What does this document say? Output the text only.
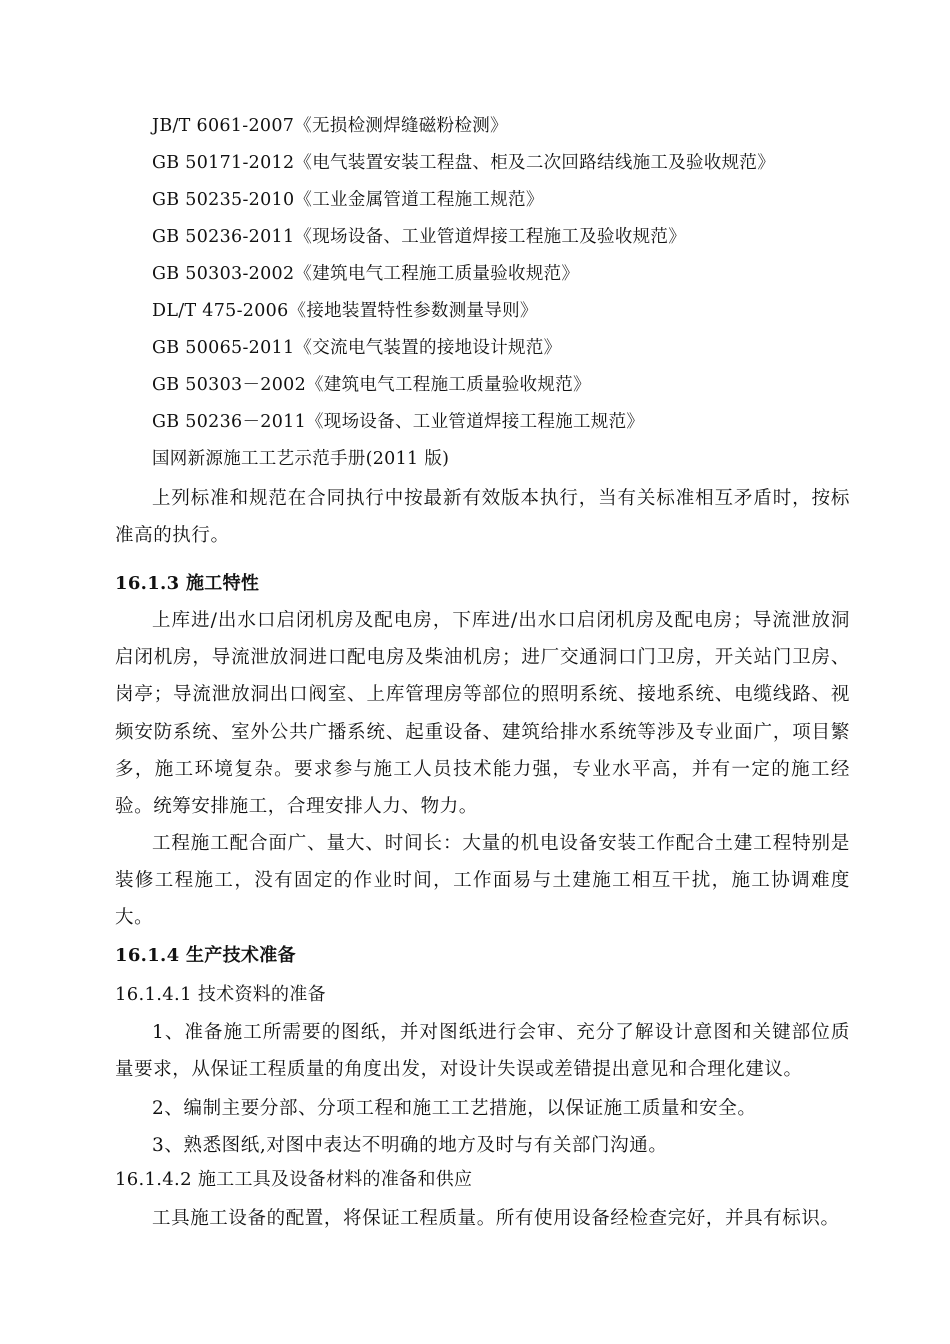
JB/T 6061-2007《无损检测焊缝磁粉检测》
GB 50171-2012《电气装置安装工程盘、柜及二次回路结线施工及验收规范》
GB 50235-2010《工业金属管道工程施工规范》
GB 50236-2011《现场设备、工业管道焊接工程施工及验收规范》
GB 50303-2002《建筑电气工程施工质量验收规范》
DL/T 475-2006《接地装置特性参数测量导则》
GB 50065-2011《交流电气装置的接地设计规范》
GB 50303－2002《建筑电气工程施工质量验收规范》
GB 50236－2011《现场设备、工业管道焊接工程施工规范》
国网新源施工工艺示范手册(2011 版)
上列标准和规范在合同执行中按最新有效版本执行，当有关标准相互矛盾时，按标准高的执行。
16.1.3 施工特性
上库进/出水口启闭机房及配电房，下库进/出水口启闭机房及配电房；导流泄放洞启闭机房，导流泄放洞进口配电房及柴油机房；进厂交通洞口门卫房，开关站门卫房、岗亭；导流泄放洞出口阀室、上库管理房等部位的照明系统、接地系统、电缆线路、视频安防系统、室外公共广播系统、起重设备、建筑给排水系统等涉及专业面广，项目繁多，施工环境复杂。要求参与施工人员技术能力强，专业水平高，并有一定的施工经验。统筹安排施工，合理安排人力、物力。
工程施工配合面广、量大、时间长：大量的机电设备安装工作配合土建工程特别是装修工程施工，没有固定的作业时间，工作面易与土建施工相互干扰，施工协调难度大。
16.1.4 生产技术准备
16.1.4.1 技术资料的准备
1、准备施工所需要的图纸，并对图纸进行会审、充分了解设计意图和关键部位质量要求，从保证工程质量的角度出发，对设计失误或差错提出意见和合理化建议。
2、编制主要分部、分项工程和施工工艺措施，以保证施工质量和安全。
3、熟悉图纸,对图中表达不明确的地方及时与有关部门沟通。
16.1.4.2 施工工具及设备材料的准备和供应
工具施工设备的配置，将保证工程质量。所有使用设备经检查完好，并具有标识。
